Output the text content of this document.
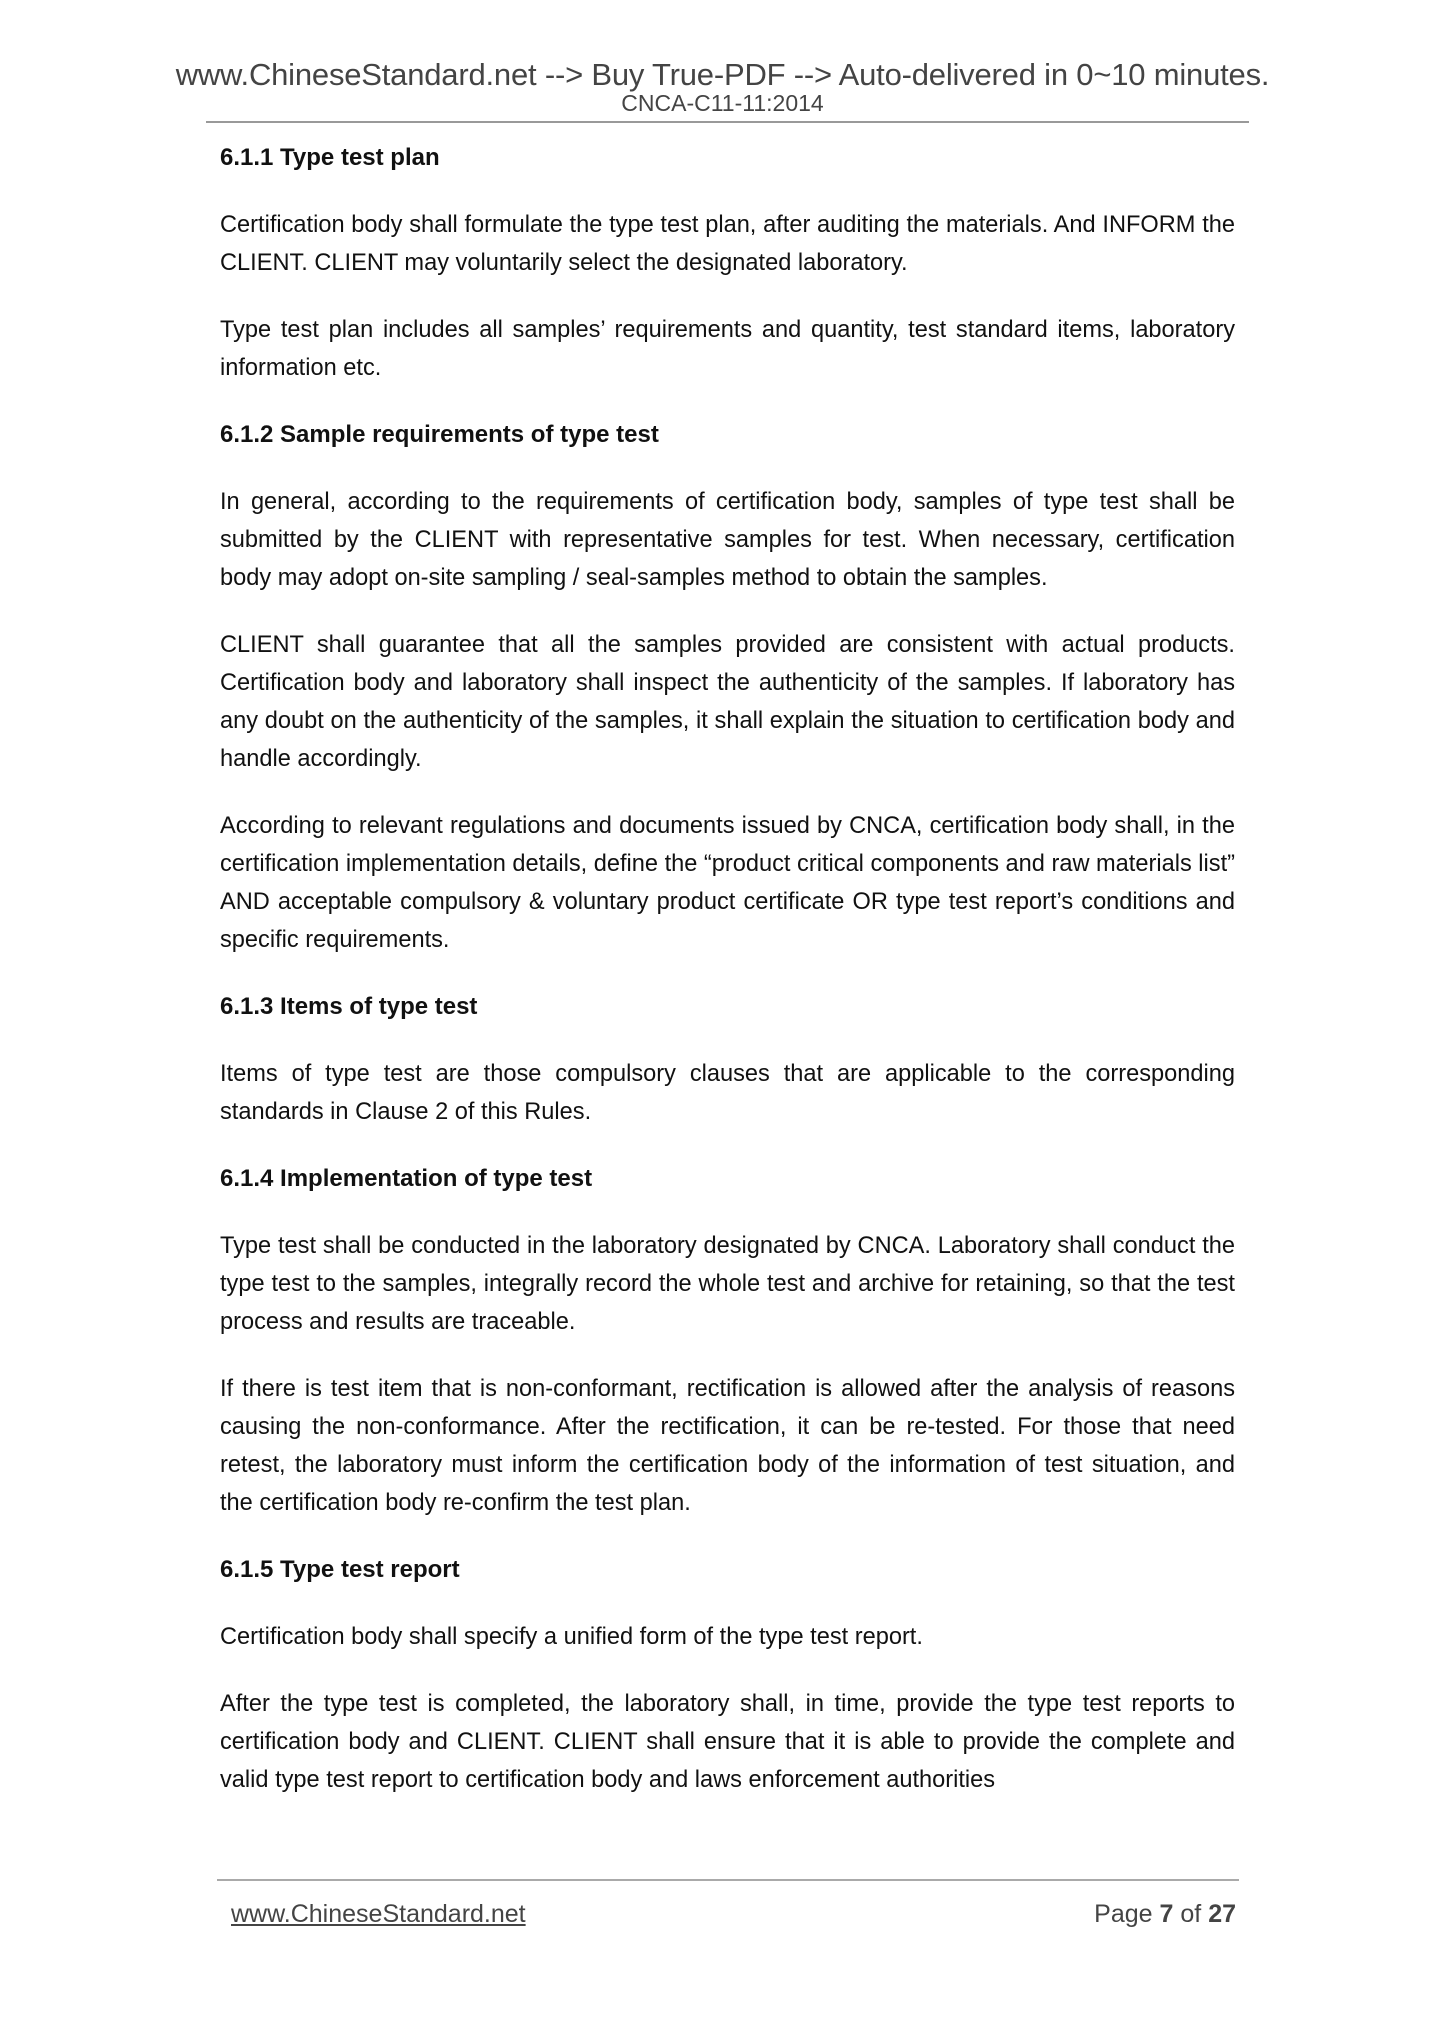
www.ChineseStandard.net --> Buy True-PDF --> Auto-delivered in 0~10 minutes.
CNCA-C11-11:2014
6.1.1 Type test plan

Certification body shall formulate the type test plan, after auditing the materials. And INFORM the CLIENT. CLIENT may voluntarily select the designated laboratory.

Type test plan includes all samples’ requirements and quantity, test standard items, laboratory information etc.

6.1.2 Sample requirements of type test

In general, according to the requirements of certification body, samples of type test shall be submitted by the CLIENT with representative samples for test. When necessary, certification body may adopt on-site sampling / seal-samples method to obtain the samples.

CLIENT shall guarantee that all the samples provided are consistent with actual products. Certification body and laboratory shall inspect the authenticity of the samples. If laboratory has any doubt on the authenticity of the samples, it shall explain the situation to certification body and handle accordingly.

According to relevant regulations and documents issued by CNCA, certification body shall, in the certification implementation details, define the “product critical components and raw materials list” AND acceptable compulsory & voluntary product certificate OR type test report’s conditions and specific requirements.

6.1.3 Items of type test

Items of type test are those compulsory clauses that are applicable to the corresponding standards in Clause 2 of this Rules.

6.1.4 Implementation of type test

Type test shall be conducted in the laboratory designated by CNCA. Laboratory shall conduct the type test to the samples, integrally record the whole test and archive for retaining, so that the test process and results are traceable.

If there is test item that is non-conformant, rectification is allowed after the analysis of reasons causing the non-conformance. After the rectification, it can be re-tested. For those that need retest, the laboratory must inform the certification body of the information of test situation, and the certification body re-confirm the test plan.

6.1.5 Type test report

Certification body shall specify a unified form of the type test report.

After the type test is completed, the laboratory shall, in time, provide the type test reports to certification body and CLIENT. CLIENT shall ensure that it is able to provide the complete and valid type test report to certification body and laws enforcement authorities

www.ChineseStandard.net	Page 7 of 27
